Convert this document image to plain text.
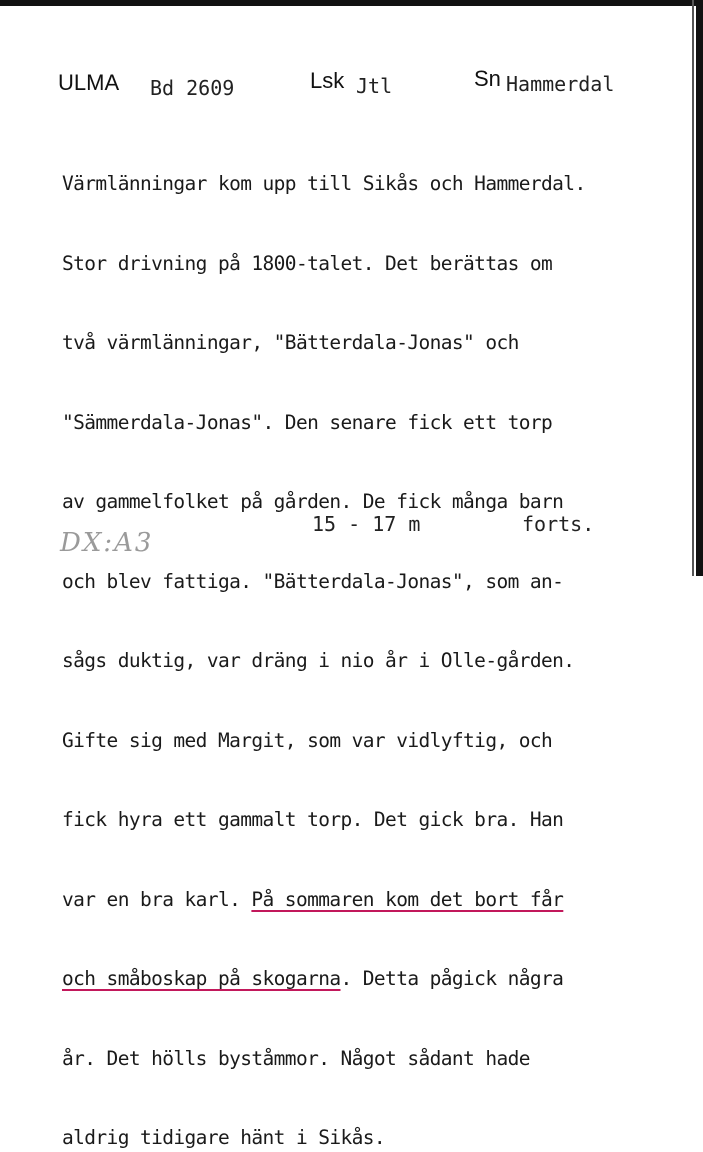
ULMA Bd 2609	Lsk Jtl	Sn Hammerdal

Värmlänningar kom upp till Sikås och Hammerdal.

Stor drivning på 1800-talet. Det berättas om

två värmlänningar, "Bätterdala-Jonas" och

"Sämmerdala-Jonas". Den senare fick ett torp

av gammelfolket på gården. De fick många barn

och blev fattiga. "Bätterdala-Jonas", som an-

sågs duktig, var dräng i nio år i Olle-gården.

Gifte sig med Margit, som var vidlyftig, och

fick hyra ett gammalt torp. Det gick bra. Han

var en bra karl. På sommaren kom det bort får

och småboskap på skogarna. Detta pågick några

år. Det hölls byståmmor. Något sådant hade

aldrig tidigare hänt i Sikås.

DX:A3
15 - 17 m	forts.
